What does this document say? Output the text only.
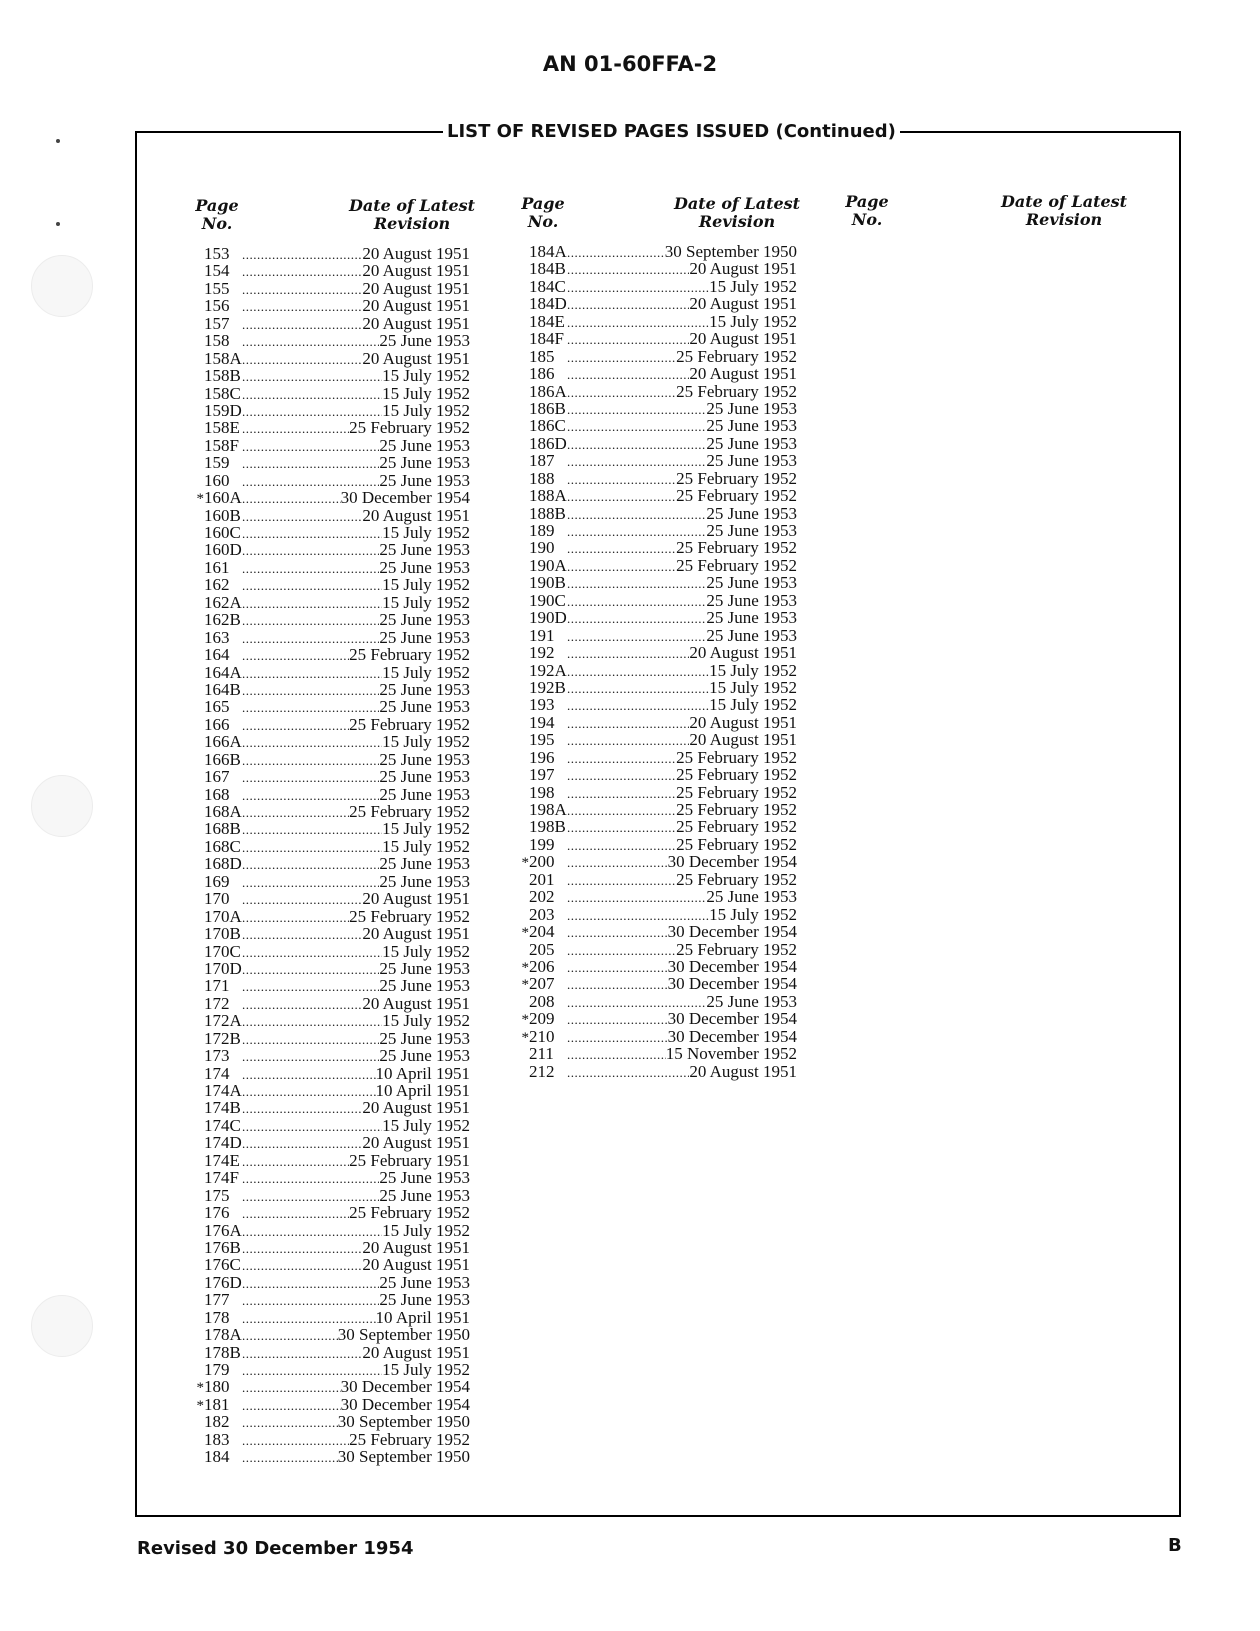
AN 01-60FFA-2
LIST OF REVISED PAGES ISSUED (Continued)
Page No.
Date of Latest Revision
Page No.
Date of Latest Revision
Page No.
Date of Latest Revision
153 .....	20 August 1951
154 .....	20 August 1951
155 .....	20 August 1951
156 .....	20 August 1951
157 .....	20 August 1951
158 .....	25 June 1953
158A .....	20 August 1951
158B .....	15 July 1952
158C .....	15 July 1952
159D .....	15 July 1952
158E .....	25 February 1952
158F .....	25 June 1953
159 .....	25 June 1953
160 .....	25 June 1953
* 160A .....	30 December 1954
160B .....	20 August 1951
160C .....	15 July 1952
160D .....	25 June 1953
161 .....	25 June 1953
162 .....	15 July 1952
162A .....	15 July 1952
162B .....	25 June 1953
163 .....	25 June 1953
164 .....	25 February 1952
164A .....	15 July 1952
164B .....	25 June 1953
165 .....	25 June 1953
166 .....	25 February 1952
166A .....	15 July 1952
166B .....	25 June 1953
167 .....	25 June 1953
168 .....	25 June 1953
168A .....	25 February 1952
168B .....	15 July 1952
168C .....	15 July 1952
168D .....	25 June 1953
169 .....	25 June 1953
170 .....	20 August 1951
170A .....	25 February 1952
170B .....	20 August 1951
170C .....	15 July 1952
170D .....	25 June 1953
171 .....	25 June 1953
172 .....	20 August 1951
172A .....	15 July 1952
172B .....	25 June 1953
173 .....	25 June 1953
174 .....	10 April 1951
174A .....	10 April 1951
174B .....	20 August 1951
174C .....	15 July 1952
174D .....	20 August 1951
174E .....	25 February 1951
174F .....	25 June 1953
175 .....	25 June 1953
176 .....	25 February 1952
176A .....	15 July 1952
176B .....	20 August 1951
176C .....	20 August 1951
176D .....	25 June 1953
177 .....	25 June 1953
178 .....	10 April 1951
178A .....	30 September 1950
178B .....	20 August 1951
179 .....	15 July 1952
* 180 .....	30 December 1954
* 181 .....	30 December 1954
182 .....	30 September 1950
183 .....	25 February 1952
184 .....	30 September 1950
184A .....	30 September 1950
184B .....	20 August 1951
184C .....	15 July 1952
184D .....	20 August 1951
184E .....	15 July 1952
184F .....	20 August 1951
185 .....	25 February 1952
186 .....	20 August 1951
186A .....	25 February 1952
186B .....	25 June 1953
186C .....	25 June 1953
186D .....	25 June 1953
187 .....	25 June 1953
188 .....	25 February 1952
188A .....	25 February 1952
188B .....	25 June 1953
189 .....	25 June 1953
190 .....	25 February 1952
190A .....	25 February 1952
190B .....	25 June 1953
190C .....	25 June 1953
190D .....	25 June 1953
191 .....	25 June 1953
192 .....	20 August 1951
192A .....	15 July 1952
192B .....	15 July 1952
193 .....	15 July 1952
194 .....	20 August 1951
195 .....	20 August 1951
196 .....	25 February 1952
197 .....	25 February 1952
198 .....	25 February 1952
198A .....	25 February 1952
198B .....	25 February 1952
199 .....	25 February 1952
* 200 .....	30 December 1954
201 .....	25 February 1952
202 .....	25 June 1953
203 .....	15 July 1952
* 204 .....	30 December 1954
205 .....	25 February 1952
* 206 .....	30 December 1954
* 207 .....	30 December 1954
208 .....	25 June 1953
* 209 .....	30 December 1954
* 210 .....	30 December 1954
211 .....	15 November 1952
212 .....	20 August 1951
Revised 30 December 1954	B
